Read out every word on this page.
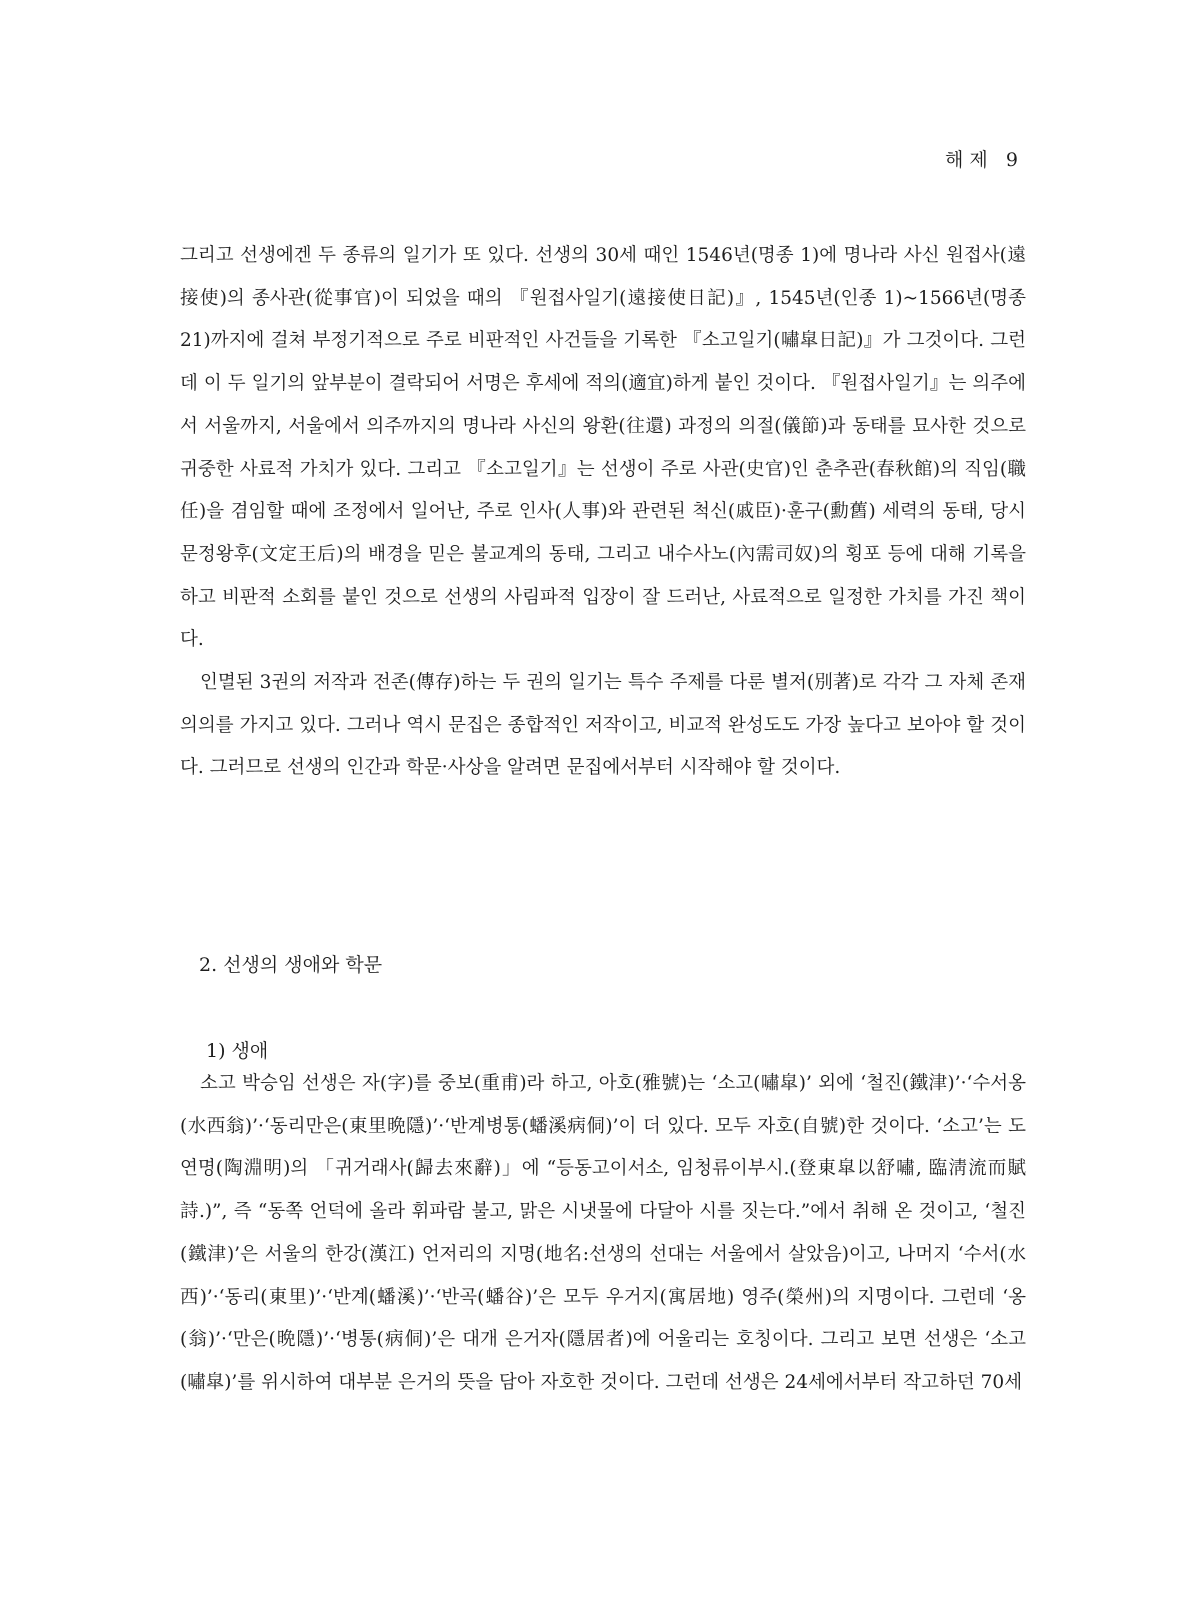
해 제 9

그리고 선생에겐 두 종류의 일기가 또 있다. 선생의 30세 때인 1546년(명종 1)에 명나라 사신 원접사(遠接使)의 종사관(從事官)이 되었을 때의 『원접사일기(遠接使日記)』, 1545년(인종 1)~1566년(명종 21)까지에 걸쳐 부정기적으로 주로 비판적인 사건들을 기록한 『소고일기(嘯皐日記)』가 그것이다. 그런데 이 두 일기의 앞부분이 결락되어 서명은 후세에 적의(適宜)하게 붙인 것이다. 『원접사일기』는 의주에서 서울까지, 서울에서 의주까지의 명나라 사신의 왕환(往還) 과정의 의절(儀節)과 동태를 묘사한 것으로 귀중한 사료적 가치가 있다. 그리고 『소고일기』는 선생이 주로 사관(史官)인 춘추관(春秋館)의 직임(職任)을 겸임할 때에 조정에서 일어난, 주로 인사(人事)와 관련된 척신(戚臣)·훈구(勳舊) 세력의 동태, 당시 문정왕후(文定王后)의 배경을 믿은 불교계의 동태, 그리고 내수사노(內需司奴)의 횡포 등에 대해 기록을 하고 비판적 소회를 붙인 것으로 선생의 사림파적 입장이 잘 드러난, 사료적으로 일정한 가치를 가진 책이다.

인멸된 3권의 저작과 전존(傳存)하는 두 권의 일기는 특수 주제를 다룬 별저(別著)로 각각 그 자체 존재의의를 가지고 있다. 그러나 역시 문집은 종합적인 저작이고, 비교적 완성도도 가장 높다고 보아야 할 것이다. 그러므로 선생의 인간과 학문·사상을 알려면 문집에서부터 시작해야 할 것이다.

2. 선생의 생애와 학문
1) 생애

소고 박승임 선생은 자(字)를 중보(重甫)라 하고, 아호(雅號)는 ‘소고(嘯皐)’ 외에 ‘철진(鐵津)’·‘수서옹(水西翁)’·‘동리만은(東里晩隱)’·‘반계병통(蟠溪病侗)’이 더 있다. 모두 자호(自號)한 것이다. ‘소고’는 도연명(陶淵明)의 「귀거래사(歸去來辭)」에 “등동고이서소, 임청류이부시.(登東皐以舒嘯, 臨淸流而賦詩.)”, 즉 “동쪽 언덕에 올라 휘파람 불고, 맑은 시냇물에 다달아 시를 짓는다.”에서 취해 온 것이고, ‘철진(鐵津)’은 서울의 한강(漢江) 언저리의 지명(地名:선생의 선대는 서울에서 살았음)이고, 나머지 ‘수서(水西)’·‘동리(東里)’·‘반계(蟠溪)’·‘반곡(蟠谷)’은 모두 우거지(寓居地) 영주(榮州)의 지명이다. 그런데 ‘옹(翁)’·‘만은(晩隱)’·‘병통(病侗)’은 대개 은거자(隱居者)에 어울리는 호칭이다. 그리고 보면 선생은 ‘소고(嘯皐)’를 위시하여 대부분 은거의 뜻을 담아 자호한 것이다. 그런데 선생은 24세에서부터 작고하던 70세
